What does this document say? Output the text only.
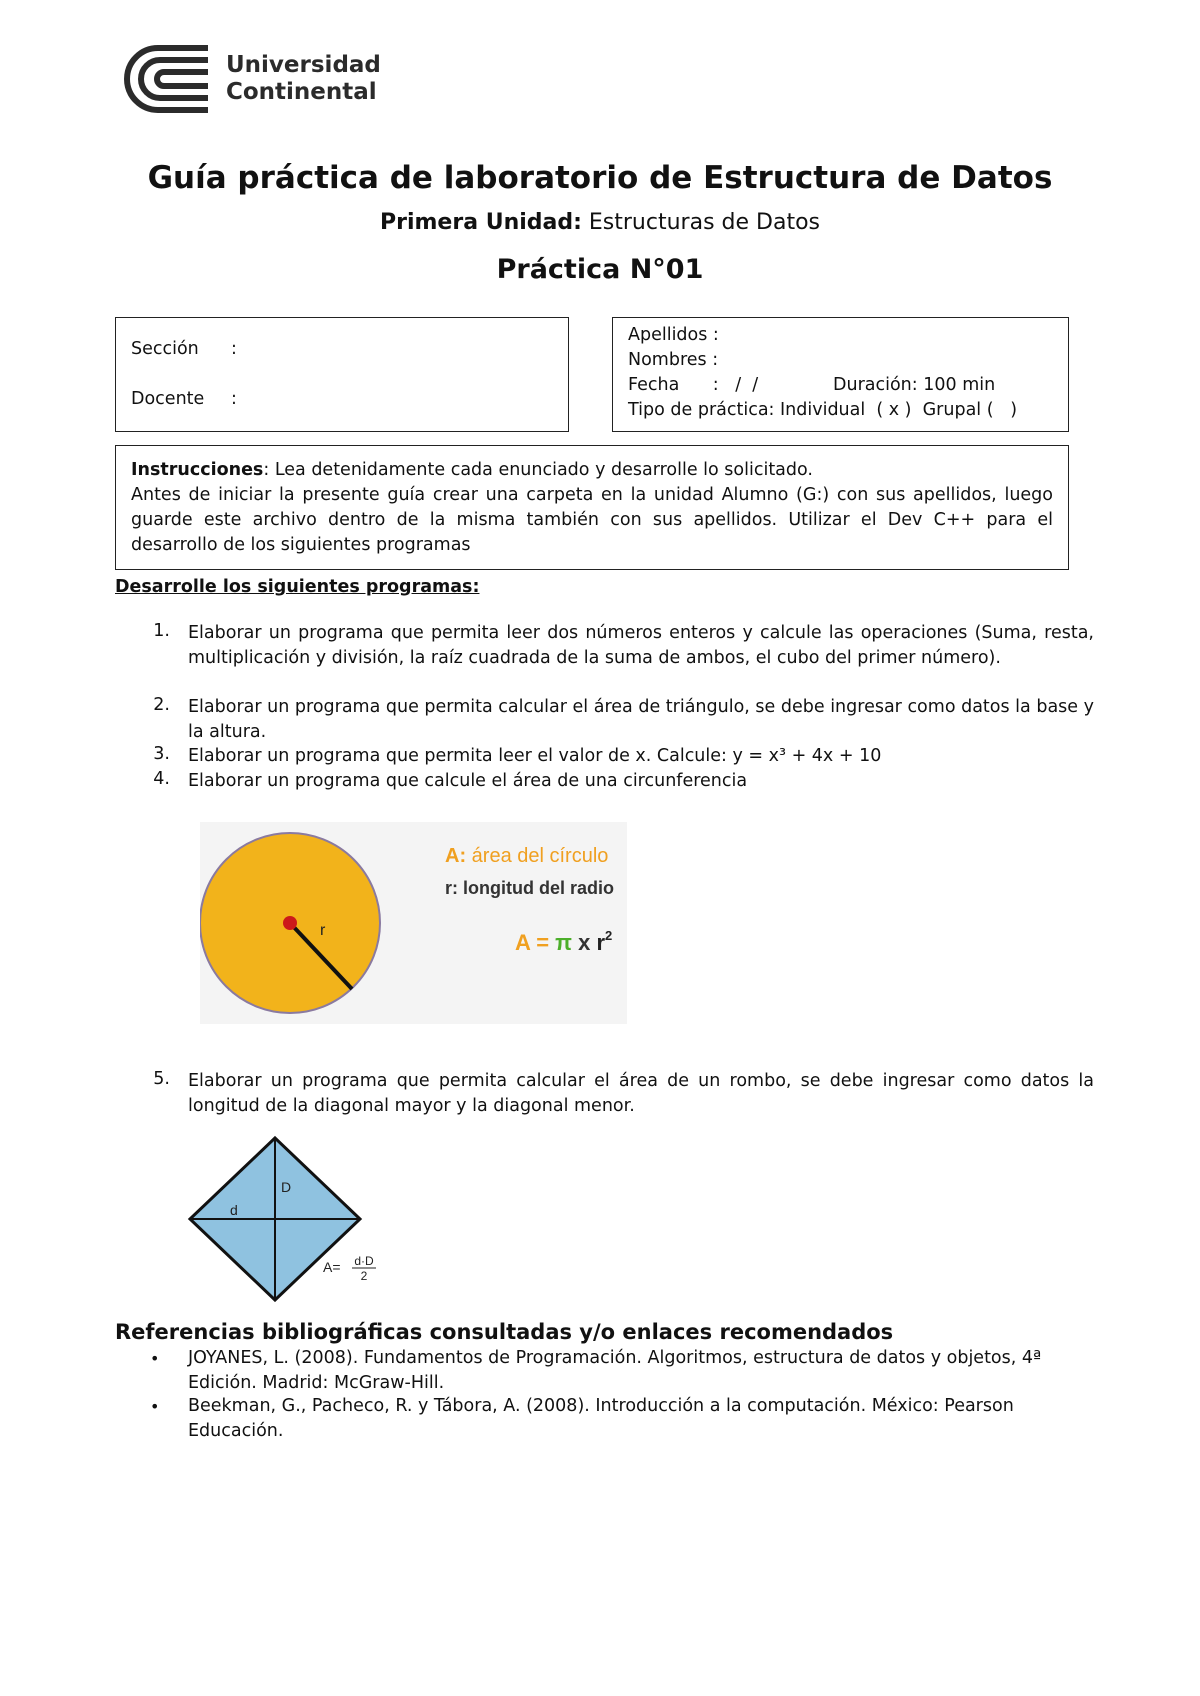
Universidad
Continental
Guía práctica de laboratorio de Estructura de Datos
Primera Unidad: Estructuras de Datos
Práctica N°01
Sección :
Docente :
Apellidos :
Nombres :
Fecha      :   /  /	Duración: 100 min
Tipo de práctica: Individual  ( x )  Grupal (   )
Instrucciones: Lea detenidamente cada enunciado y desarrolle lo solicitado.
Antes de iniciar la presente guía crear una carpeta en la unidad Alumno (G:) con sus apellidos, luego guarde este archivo dentro de la misma también con sus apellidos. Utilizar el Dev C++ para el desarrollo de los siguientes programas
Desarrolle los siguientes programas:
1. Elaborar un programa que permita leer dos números enteros y calcule las operaciones (Suma, resta, multiplicación y división, la raíz cuadrada de la suma de ambos, el cubo del primer número).
2. Elaborar un programa que permita calcular el área de triángulo, se debe ingresar como datos la base y la altura.
3. Elaborar un programa que permita leer el valor de x. Calcule: y = x³ + 4x + 10
4. Elaborar un programa que calcule el área de una circunferencia
r
A: área del círculo
r: longitud del radio
A = π x $r^2$
5. Elaborar un programa que permita calcular el área de un rombo, se debe ingresar como datos la longitud de la diagonal mayor y la diagonal menor.
D
d
A= d·D
2
Referencias bibliográficas consultadas y/o enlaces recomendados
• JOYANES, L. (2008). Fundamentos de Programación. Algoritmos, estructura de datos y objetos, 4ª Edición. Madrid: McGraw-Hill.
• Beekman, G., Pacheco, R. y Tábora, A. (2008). Introducción a la computación. México: Pearson Educación.
